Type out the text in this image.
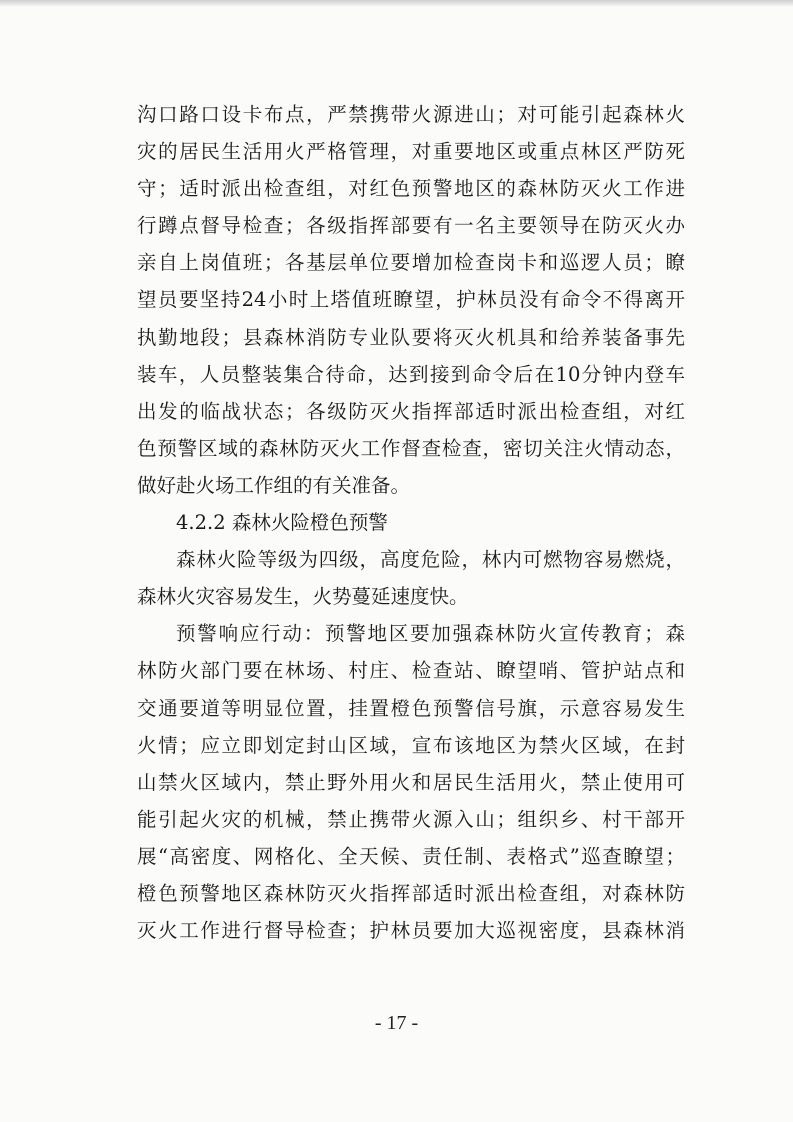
沟口路口设卡布点，严禁携带火源进山；对可能引起森林火
灾的居民生活用火严格管理，对重要地区或重点林区严防死
守；适时派出检查组，对红色预警地区的森林防灭火工作进
行蹲点督导检查；各级指挥部要有一名主要领导在防灭火办
亲自上岗值班；各基层单位要增加检查岗卡和巡逻人员；瞭
望员要坚持24小时上塔值班瞭望，护林员没有命令不得离开
执勤地段；县森林消防专业队要将灭火机具和给养装备事先
装车，人员整装集合待命，达到接到命令后在10分钟内登车
出发的临战状态；各级防灭火指挥部适时派出检查组，对红
色预警区域的森林防灭火工作督查检查，密切关注火情动态，
做好赴火场工作组的有关准备。
4.2.2 森林火险橙色预警
森林火险等级为四级，高度危险，林内可燃物容易燃烧，
森林火灾容易发生，火势蔓延速度快。
预警响应行动：预警地区要加强森林防火宣传教育；森
林防火部门要在林场、村庄、检查站、瞭望哨、管护站点和
交通要道等明显位置，挂置橙色预警信号旗，示意容易发生
火情；应立即划定封山区域，宣布该地区为禁火区域，在封
山禁火区域内，禁止野外用火和居民生活用火，禁止使用可
能引起火灾的机械，禁止携带火源入山；组织乡、村干部开
展“高密度、网格化、全天候、责任制、表格式”巡查瞭望；
橙色预警地区森林防灭火指挥部适时派出检查组，对森林防
灭火工作进行督导检查；护林员要加大巡视密度，县森林消
- 17 -
